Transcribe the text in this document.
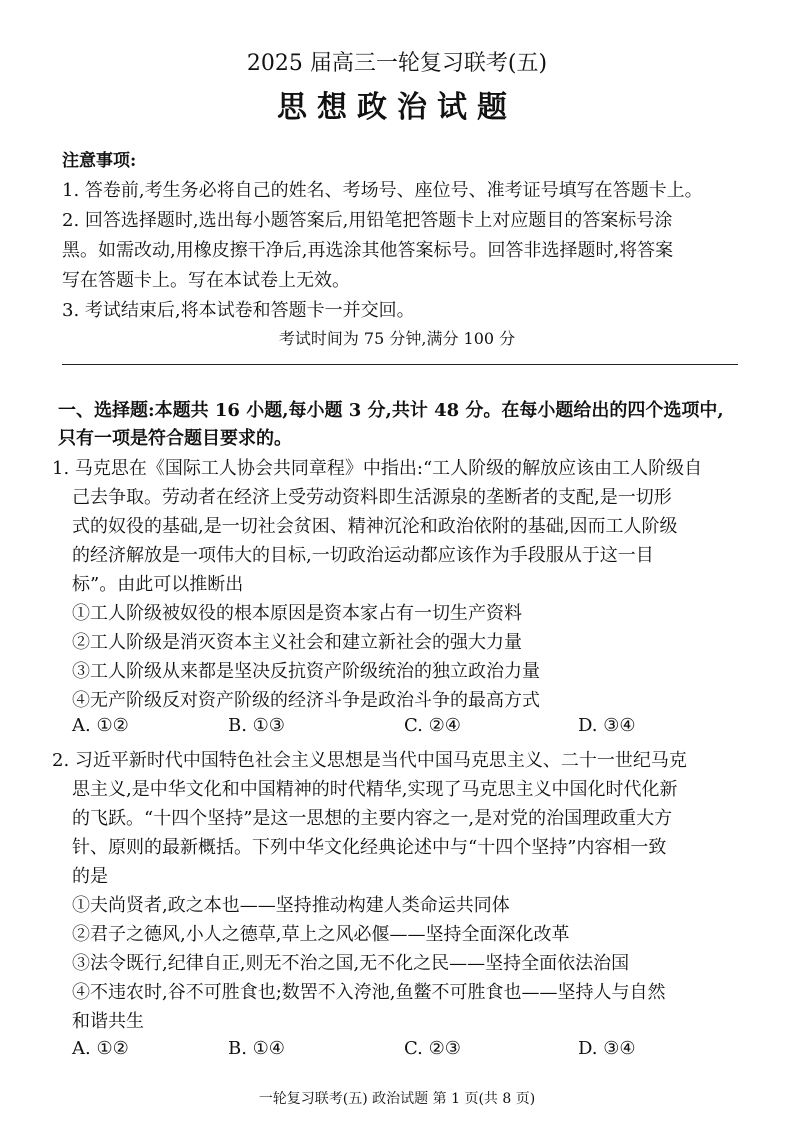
2025 届高三一轮复习联考(五)
思想政治试题
注意事项:
1. 答卷前,考生务必将自己的姓名、考场号、座位号、准考证号填写在答题卡上。
2. 回答选择题时,选出每小题答案后,用铅笔把答题卡上对应题目的答案标号涂
黑。如需改动,用橡皮擦干净后,再选涂其他答案标号。回答非选择题时,将答案
写在答题卡上。写在本试卷上无效。
3. 考试结束后,将本试卷和答题卡一并交回。
考试时间为 75 分钟,满分 100 分
一、选择题:本题共 16 小题,每小题 3 分,共计 48 分。在每小题给出的四个选项中,
只有一项是符合题目要求的。
1. 马克思在《国际工人协会共同章程》中指出:“工人阶级的解放应该由工人阶级自
己去争取。劳动者在经济上受劳动资料即生活源泉的垄断者的支配,是一切形
式的奴役的基础,是一切社会贫困、精神沉沦和政治依附的基础,因而工人阶级
的经济解放是一项伟大的目标,一切政治运动都应该作为手段服从于这一目
标”。由此可以推断出
①工人阶级被奴役的根本原因是资本家占有一切生产资料
②工人阶级是消灭资本主义社会和建立新社会的强大力量
③工人阶级从来都是坚决反抗资产阶级统治的独立政治力量
④无产阶级反对资产阶级的经济斗争是政治斗争的最高方式
A. ①②	B. ①③	C. ②④	D. ③④
2. 习近平新时代中国特色社会主义思想是当代中国马克思主义、二十一世纪马克
思主义,是中华文化和中国精神的时代精华,实现了马克思主义中国化时代化新
的飞跃。“十四个坚持”是这一思想的主要内容之一,是对党的治国理政重大方
针、原则的最新概括。下列中华文化经典论述中与“十四个坚持”内容相一致
的是
①夫尚贤者,政之本也——坚持推动构建人类命运共同体
②君子之德风,小人之德草,草上之风必偃——坚持全面深化改革
③法令既行,纪律自正,则无不治之国,无不化之民——坚持全面依法治国
④不违农时,谷不可胜食也;数罟不入洿池,鱼鳖不可胜食也——坚持人与自然
和谐共生
A. ①②	B. ①④	C. ②③	D. ③④
一轮复习联考(五) 政治试题 第 1 页(共 8 页)
